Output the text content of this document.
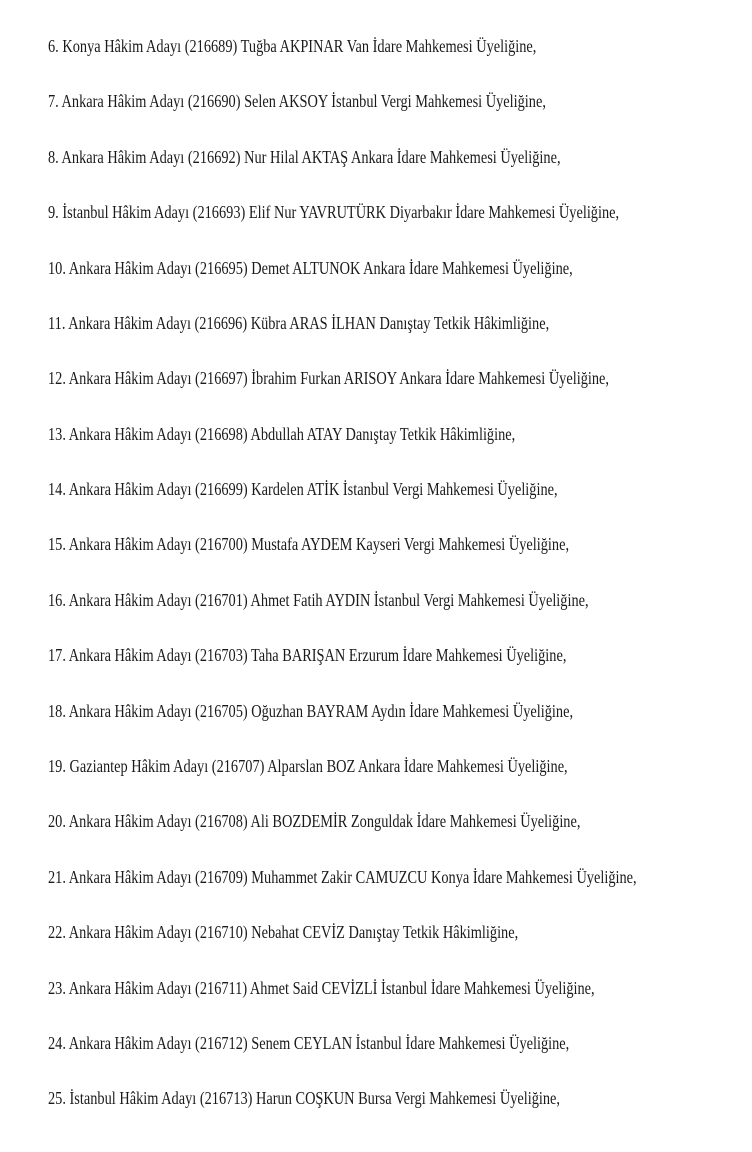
6. Konya Hâkim Adayı (216689) Tuğba AKPINAR Van İdare Mahkemesi Üyeliğine,
7. Ankara Hâkim Adayı (216690) Selen AKSOY İstanbul Vergi Mahkemesi Üyeliğine,
8. Ankara Hâkim Adayı (216692) Nur Hilal AKTAŞ Ankara İdare Mahkemesi Üyeliğine,
9. İstanbul Hâkim Adayı (216693) Elif Nur YAVRUTÜRK Diyarbakır İdare Mahkemesi Üyeliğine,
10. Ankara Hâkim Adayı (216695) Demet ALTUNOK Ankara İdare Mahkemesi Üyeliğine,
11. Ankara Hâkim Adayı (216696) Kübra ARAS İLHAN Danıştay Tetkik Hâkimliğine,
12. Ankara Hâkim Adayı (216697) İbrahim Furkan ARISOY Ankara İdare Mahkemesi Üyeliğine,
13. Ankara Hâkim Adayı (216698) Abdullah ATAY Danıştay Tetkik Hâkimliğine,
14. Ankara Hâkim Adayı (216699) Kardelen ATİK İstanbul Vergi Mahkemesi Üyeliğine,
15. Ankara Hâkim Adayı (216700) Mustafa AYDEM Kayseri Vergi Mahkemesi Üyeliğine,
16. Ankara Hâkim Adayı (216701) Ahmet Fatih AYDIN İstanbul Vergi Mahkemesi Üyeliğine,
17. Ankara Hâkim Adayı (216703) Taha BARIŞAN Erzurum İdare Mahkemesi Üyeliğine,
18. Ankara Hâkim Adayı (216705) Oğuzhan BAYRAM Aydın İdare Mahkemesi Üyeliğine,
19. Gaziantep Hâkim Adayı (216707) Alparslan BOZ Ankara İdare Mahkemesi Üyeliğine,
20. Ankara Hâkim Adayı (216708) Ali BOZDEMİR Zonguldak İdare Mahkemesi Üyeliğine,
21. Ankara Hâkim Adayı (216709) Muhammet Zakir CAMUZCU Konya İdare Mahkemesi Üyeliğine,
22. Ankara Hâkim Adayı (216710) Nebahat CEVİZ Danıştay Tetkik Hâkimliğine,
23. Ankara Hâkim Adayı (216711) Ahmet Said CEVİZLİ İstanbul İdare Mahkemesi Üyeliğine,
24. Ankara Hâkim Adayı (216712) Senem CEYLAN İstanbul İdare Mahkemesi Üyeliğine,
25. İstanbul Hâkim Adayı (216713) Harun COŞKUN Bursa Vergi Mahkemesi Üyeliğine,
